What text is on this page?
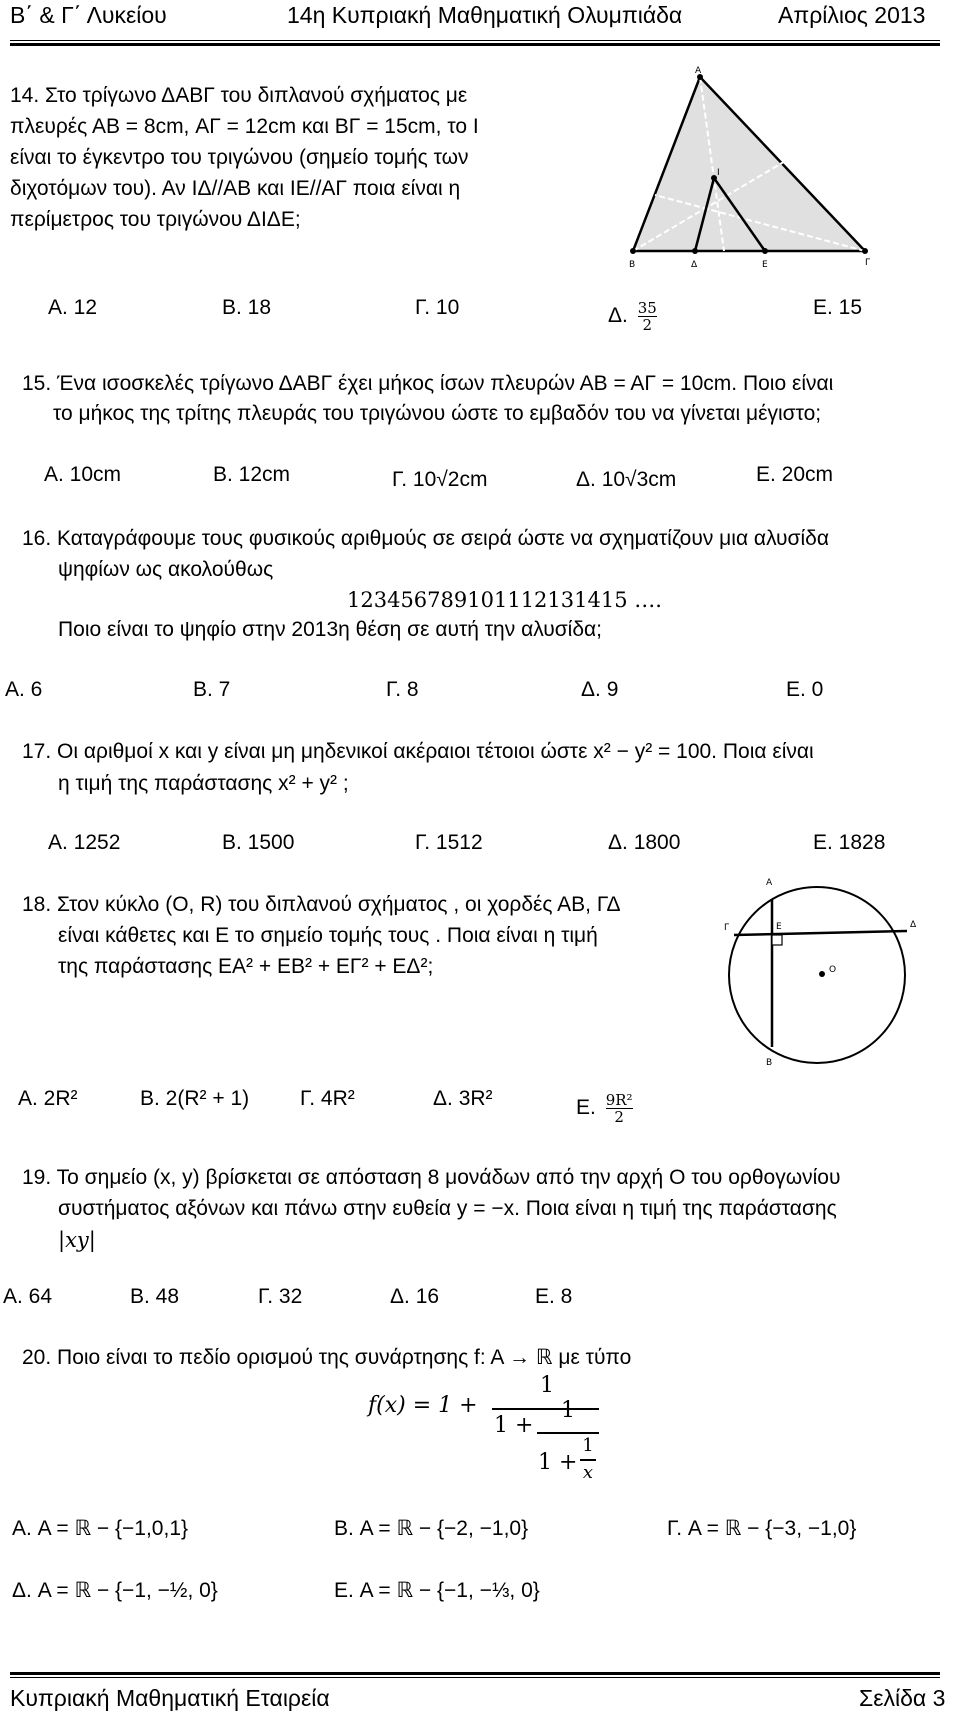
Β΄ & Γ΄ Λυκείου	14η Κυπριακή Μαθηματική Ολυμπιάδα	Απρίλιος 2013
14. Στο τρίγωνο ΔΑΒΓ του διπλανού σχήματος με
πλευρές ΑΒ = 8cm, ΑΓ = 12cm και ΒΓ = 15cm, το Ι
είναι το έγκεντρο του τριγώνου (σημείο τομής των
διχοτόμων του). Αν ΙΔ//ΑΒ και ΙΕ//ΑΓ ποια είναι η
περίμετρος του τριγώνου ΔΙΔΕ;
Α
Ι
Β	Δ	Ε	Γ
Α. 12	Β. 18	Γ. 10	Δ. $\frac{35}{2}$	Ε. 15
15. Ένα ισοσκελές τρίγωνο ΔΑΒΓ έχει μήκος ίσων πλευρών ΑΒ = ΑΓ = 10cm. Ποιο είναι
το μήκος της τρίτης πλευράς του τριγώνου ώστε το εμβαδόν του να γίνεται μέγιστο;
Α. 10cm	Β. 12cm	Γ. 10√2cm	Δ. 10√3cm	Ε. 20cm
16. Καταγράφουμε τους φυσικούς αριθμούς σε σειρά ώστε να σχηματίζουν μια αλυσίδα
ψηφίων ως ακολούθως
123456789101112131415 ….
Ποιο είναι το ψηφίο στην 2013η θέση σε αυτή την αλυσίδα;
Α. 6	Β. 7	Γ. 8	Δ. 9	Ε. 0
17. Οι αριθμοί x και y είναι μη μηδενικοί ακέραιοι τέτοιοι ώστε x² − y² = 100. Ποια είναι
η τιμή της παράστασης x² + y² ;
Α. 1252	Β. 1500	Γ. 1512	Δ. 1800	Ε. 1828
18. Στον κύκλο (O, R) του διπλανού σχήματος , οι χορδές ΑΒ, ΓΔ
είναι κάθετες και Ε το σημείο τομής τους . Ποια είναι η τιμή
της παράστασης ΕΑ² + ΕΒ² + ΕΓ² + ΕΔ²;
Α
Γ	Ε	Δ
O
Β
Α. 2R²	Β. 2(R² + 1) Γ. 4R²	Δ. 3R²	Ε. $\frac{\text{9R²}}{2}$
19. Το σημείο (x, y) βρίσκεται σε απόσταση 8 μονάδων από την αρχή O του ορθογωνίου
συστήματος αξόνων και πάνω στην ευθεία y = −x. Ποια είναι η τιμή της παράστασης
|xy|
Α. 64	Β. 48	Γ. 32	Δ. 16	Ε. 8
20. Ποιο είναι το πεδίο ορισμού της συνάρτησης f: A → ℝ με τύπο
f(x) = 1 +
1
1 +
1
1 +
1
x
Α. A = ℝ − {−1,0,1}	Β. A = ℝ − {−2, −1,0}	Γ. A = ℝ − {−3, −1,0}
Δ. A = ℝ − {−1, −½, 0}	Ε. A = ℝ − {−1, −⅓, 0}
Κυπριακή Μαθηματική Εταιρεία	Σελίδα 3
